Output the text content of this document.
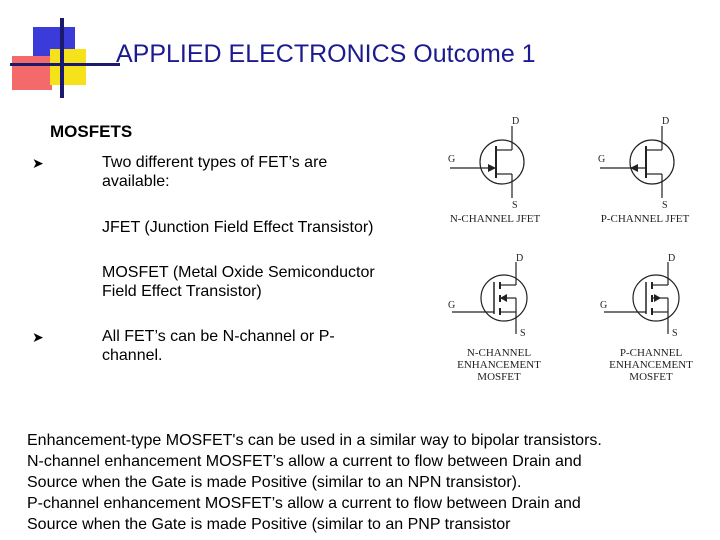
APPLIED ELECTRONICS Outcome 1
MOSFETS
➤	Two different types of FET’s are
available:
JFET (Junction Field Effect Transistor)
MOSFET (Metal Oxide Semiconductor
Field Effect Transistor)
➤	All FET’s can be N-channel or P-
channel.
D
G
S
N-CHANNEL JFET
D
G
S
P-CHANNEL JFET
D
G
S
N-CHANNEL
ENHANCEMENT
MOSFET
D
G
S
P-CHANNEL
ENHANCEMENT
MOSFET
Enhancement-type MOSFET's can be used in a similar way to bipolar transistors.
N-channel enhancement MOSFET’s allow a current to flow between Drain and
Source when the Gate is made Positive (similar to an NPN transistor).
P-channel enhancement MOSFET’s allow a current to flow between Drain and
Source when the Gate is made Positive (similar to an PNP transistor
